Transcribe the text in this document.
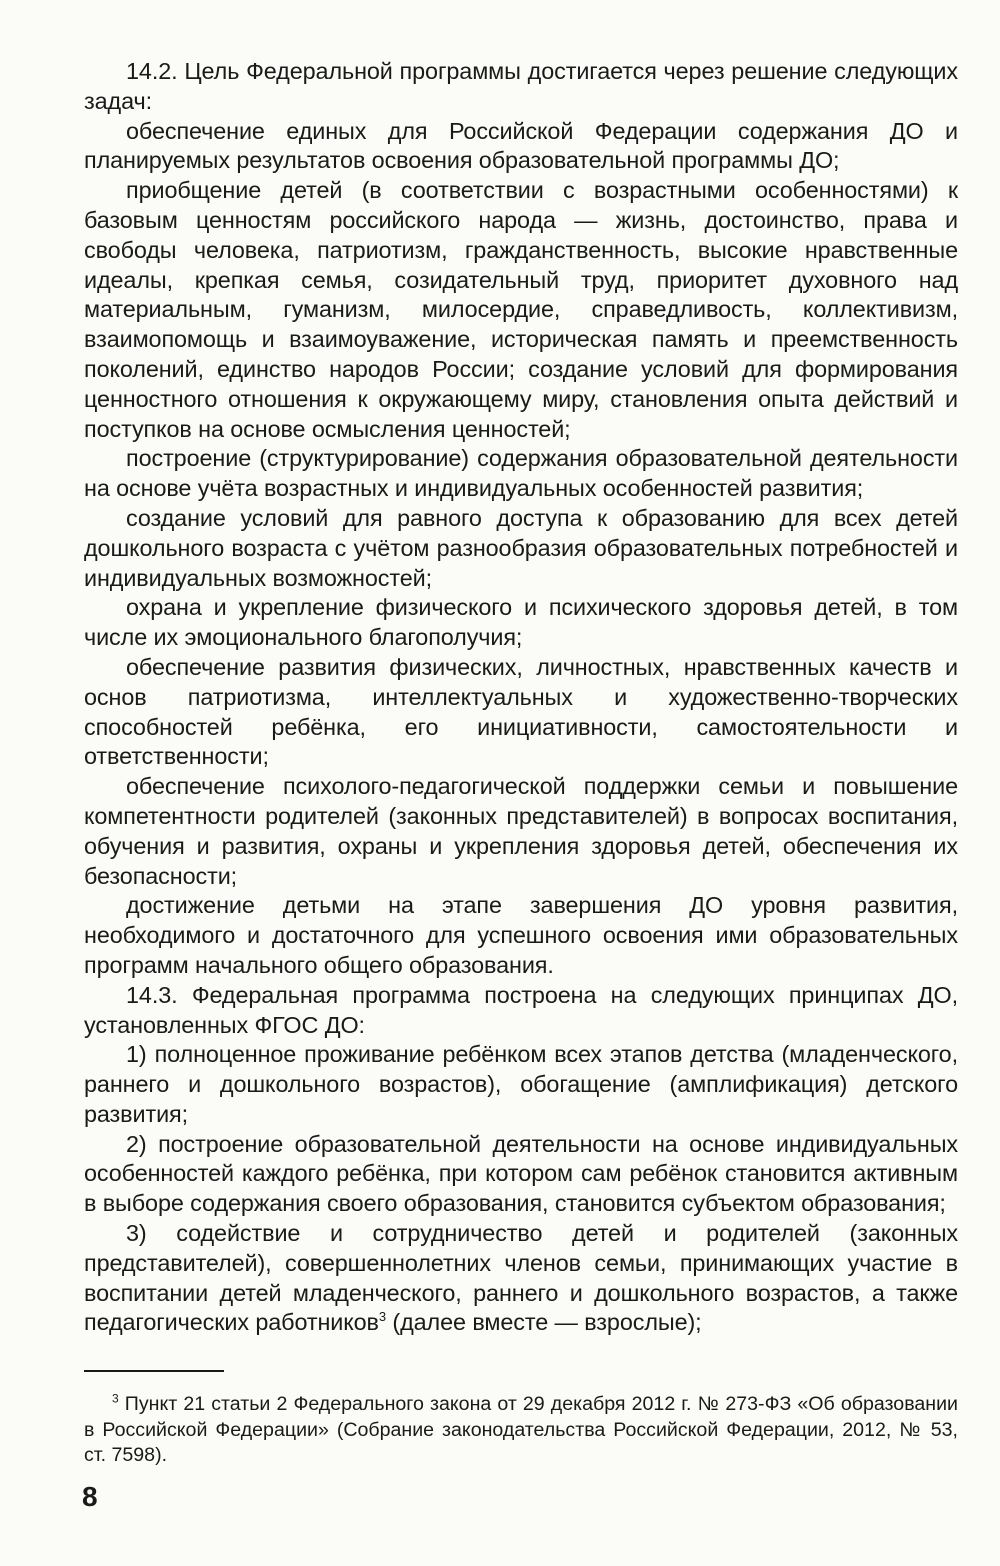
14.2. Цель Федеральной программы достигается через решение следующих задач:

обеспечение единых для Российской Федерации содержания ДО и планируемых результатов освоения образовательной программы ДО;

приобщение детей (в соответствии с возрастными особенностями) к базовым ценностям российского народа — жизнь, достоинство, права и свободы человека, патриотизм, гражданственность, высокие нравственные идеалы, крепкая семья, созидательный труд, приоритет духовного над материальным, гуманизм, милосердие, справедливость, коллективизм, взаимопомощь и взаимоуважение, историческая память и преемственность поколений, единство народов России; создание условий для формирования ценностного отношения к окружающему миру, становления опыта действий и поступков на основе осмысления ценностей;

построение (структурирование) содержания образовательной деятельности на основе учёта возрастных и индивидуальных особенностей развития;

создание условий для равного доступа к образованию для всех детей дошкольного возраста с учётом разнообразия образовательных потребностей и индивидуальных возможностей;

охрана и укрепление физического и психического здоровья детей, в том числе их эмоционального благополучия;

обеспечение развития физических, личностных, нравственных качеств и основ патриотизма, интеллектуальных и художественно-творческих способностей ребёнка, его инициативности, самостоятельности и ответственности;

обеспечение психолого-педагогической поддержки семьи и повышение компетентности родителей (законных представителей) в вопросах воспитания, обучения и развития, охраны и укрепления здоровья детей, обеспечения их безопасности;

достижение детьми на этапе завершения ДО уровня развития, необходимого и достаточного для успешного освоения ими образовательных программ начального общего образования.

14.3. Федеральная программа построена на следующих принципах ДО, установленных ФГОС ДО:

1) полноценное проживание ребёнком всех этапов детства (младенческого, раннего и дошкольного возрастов), обогащение (амплификация) детского развития;

2) построение образовательной деятельности на основе индивидуальных особенностей каждого ребёнка, при котором сам ребёнок становится активным в выборе содержания своего образования, становится субъектом образования;

3) содействие и сотрудничество детей и родителей (законных представителей), совершеннолетних членов семьи, принимающих участие в воспитании детей младенческого, раннего и дошкольного возрастов, а также педагогических работников$^3$ (далее вместе — взрослые);

$^3$ Пункт 21 статьи 2 Федерального закона от 29 декабря 2012 г. № 273-ФЗ «Об образовании в Российской Федерации» (Собрание законодательства Российской Федерации, 2012, № 53, ст. 7598).

8
